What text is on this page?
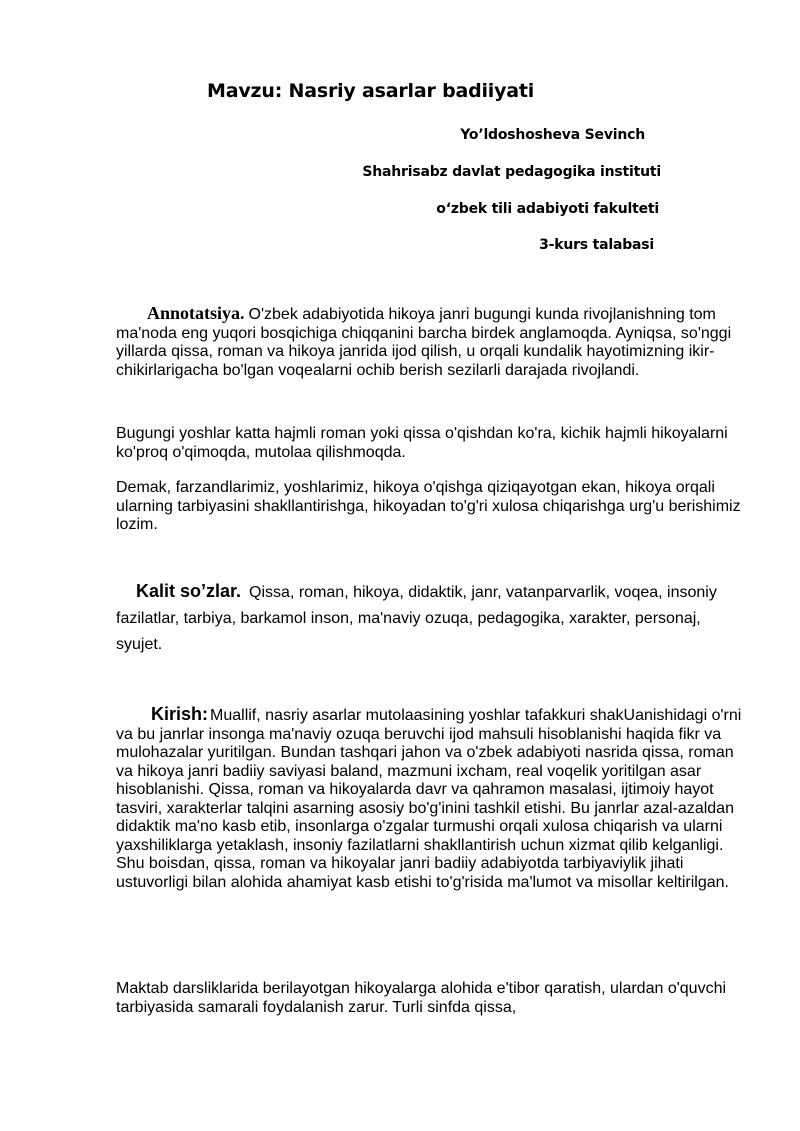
Mavzu: Nasriy asarlar badiiyati

Yo’ldoshosheva Sevinch

Shahrisabz davlat pedagogika instituti

o‘zbek tili adabiyoti fakulteti

3-kurs talabasi

Annotatsiya. O'zbek adabiyotida hikoya janri bugungi kunda rivojlanishning tom ma'noda eng yuqori bosqichiga chiqqanini barcha birdek anglamoqda. Ayniqsa, so'nggi yillarda qissa, roman va hikoya janrida ijod qilish, u orqali kundalik hayotimizning ikir-chikirlarigacha bo'lgan voqealarni ochib berish sezilarli darajada rivojlandi.

Bugungi yoshlar katta hajmli roman yoki qissa o'qishdan ko'ra, kichik hajmli hikoyalarni ko'proq o'qimoqda, mutolaa qilishmoqda.

Demak, farzandlarimiz, yoshlarimiz, hikoya o'qishga qiziqayotgan ekan, hikoya orqali ularning tarbiyasini shakllantirishga, hikoyadan to'g'ri xulosa chiqarishga urg'u berishimiz lozim.

Kalit so’zlar. Qissa, roman, hikoya, didaktik, janr, vatanparvarlik, voqea, insoniy fazilatlar, tarbiya, barkamol inson, ma'naviy ozuqa, pedagogika, xarakter, personaj, syujet.

Kirish: Muallif, nasriy asarlar mutolaasining yoshlar tafakkuri shakUanishidagi o'rni va bu janrlar insonga ma'naviy ozuqa beruvchi ijod mahsuli hisoblanishi haqida fikr va mulohazalar yuritilgan. Bundan tashqari jahon va o'zbek adabiyoti nasrida qissa, roman va hikoya janri badiiy saviyasi baland, mazmuni ixcham, real voqelik yoritilgan asar hisoblanishi. Qissa, roman va hikoyalarda davr va qahramon masalasi, ijtimoiy hayot tasviri, xarakterlar talqini asarning asosiy bo'g'inini tashkil etishi. Bu janrlar azal-azaldan didaktik ma'no kasb etib, insonlarga o'zgalar turmushi orqali xulosa chiqarish va ularni yaxshiliklarga yetaklash, insoniy fazilatlarni shakllantirish uchun xizmat qilib kelganligi. Shu boisdan, qissa, roman va hikoyalar janri badiiy adabiyotda tarbiyaviylik jihati ustuvorligi bilan alohida ahamiyat kasb etishi to'g'risida ma'lumot va misollar keltirilgan.

Maktab darsliklarida berilayotgan hikoyalarga alohida e'tibor qaratish, ulardan o'quvchi tarbiyasida samarali foydalanish zarur. Turli sinfda qissa,
